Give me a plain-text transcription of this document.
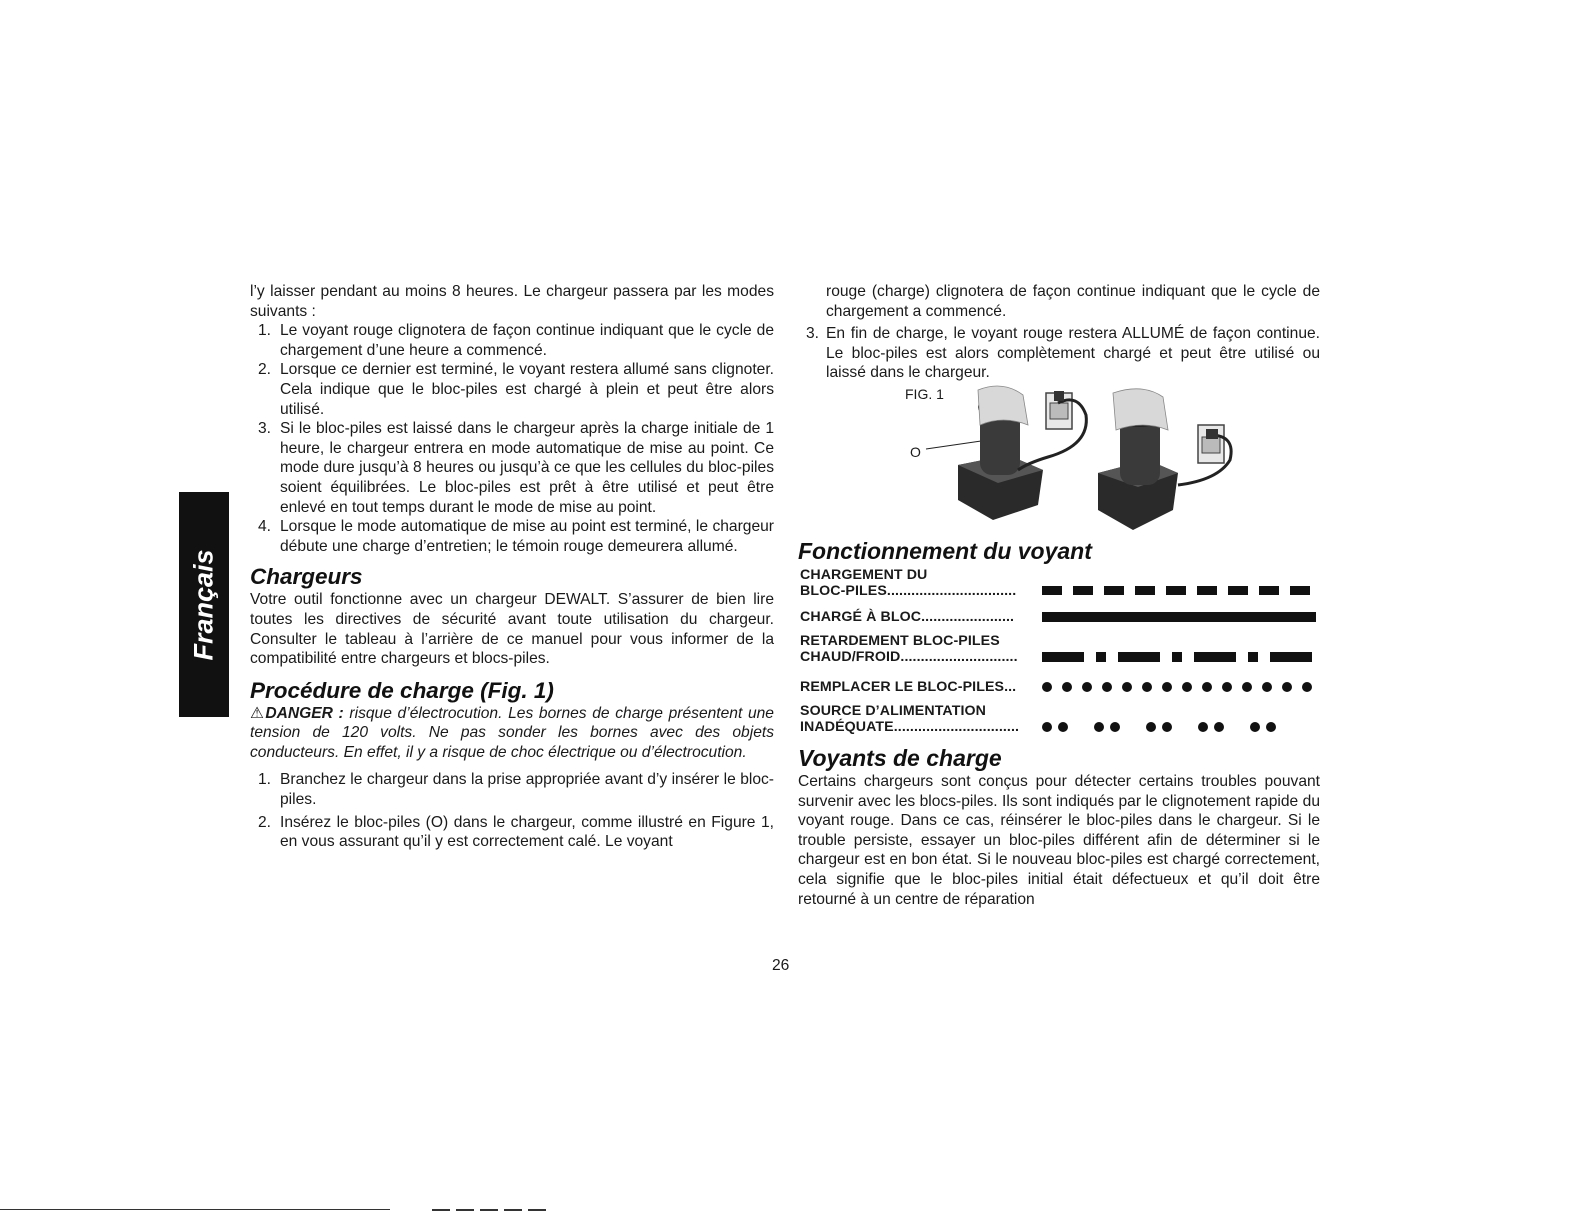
Français

l’y laisser pendant au moins 8 heures. Le chargeur passera par les modes suivants :

1. Le voyant rouge clignotera de façon continue indiquant que le cycle de chargement d’une heure a commencé.
2. Lorsque ce dernier est terminé, le voyant restera allumé sans clignoter. Cela indique que le bloc-piles est chargé à plein et peut être alors utilisé.
3. Si le bloc-piles est laissé dans le chargeur après la charge initiale de 1 heure, le chargeur entrera en mode automatique de mise au point. Ce mode dure jusqu’à 8 heures ou jusqu’à ce que les cellules du bloc-piles soient équilibrées. Le bloc-piles est prêt à être utilisé et peut être enlevé en tout temps durant le mode de mise au point.
4. Lorsque le mode automatique de mise au point est terminé, le chargeur débute une charge d’entretien; le témoin rouge demeurera allumé.
Chargeurs

Votre outil fonctionne avec un chargeur DEWALT. S’assurer de bien lire toutes les directives de sécurité avant toute utilisation du chargeur. Consulter le tableau à l’arrière de ce manuel pour vous informer de la compatibilité entre chargeurs et blocs-piles.

Procédure de charge (Fig. 1)

⚠DANGER : risque d’électrocution. Les bornes de charge présentent une tension de 120 volts. Ne pas sonder les bornes avec des objets conducteurs. En effet, il y a risque de choc électrique ou d’électrocution.

1. Branchez le chargeur dans la prise appropriée avant d’y insérer le bloc-piles.
2. Insérez le bloc-piles (O) dans le chargeur, comme illustré en Figure 1, en vous assurant qu’il y est correctement calé. Le voyant
rouge (charge) clignotera de façon continue indiquant que le cycle de chargement a commencé.
3. En fin de charge, le voyant rouge restera ALLUMÉ de façon continue. Le bloc-piles est alors complètement chargé et peut être utilisé ou laissé dans le chargeur.
FIG. 1
O
Fonctionnement du voyant
CHARGEMENT DU
BLOC-PILES................................
CHARGÉ À BLOC.......................
RETARDEMENT BLOC-PILES
CHAUD/FROID.............................
REMPLACER LE BLOC-PILES...
SOURCE D’ALIMENTATION
INADÉQUATE...............................
Voyants de charge

Certains chargeurs sont conçus pour détecter certains troubles pouvant survenir avec les blocs-piles. Ils sont indiqués par le clignotement rapide du voyant rouge. Dans ce cas, réinsérer le bloc-piles dans le chargeur. Si le trouble persiste, essayer un bloc-piles différent afin de déterminer si le chargeur est en bon état. Si le nouveau bloc-piles est chargé correctement, cela signifie que le bloc-piles initial était défectueux et qu’il doit être retourné à un centre de réparation

26
